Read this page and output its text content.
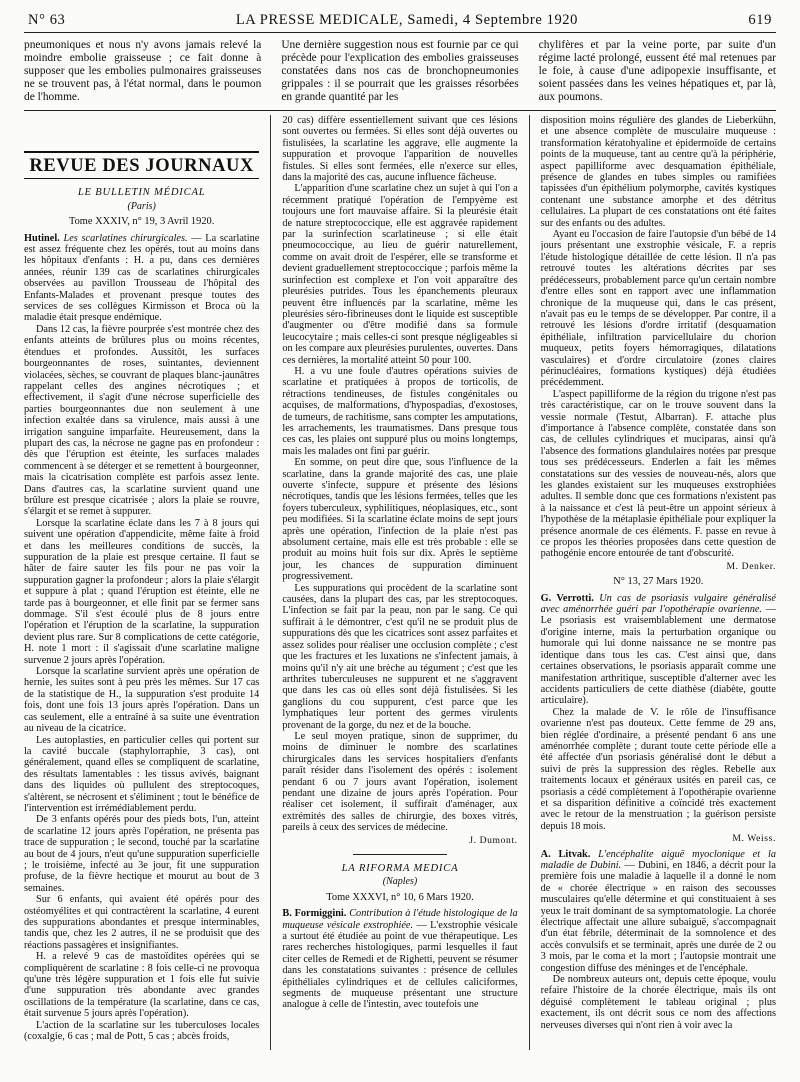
N° 63	LA PRESSE MEDICALE, Samedi, 4 Septembre 1920	619

pneumoniques et nous n'y avons jamais relevé la moindre embolie graisseuse ; ce fait donne à supposer que les embolies pulmonaires graisseuses ne se trouvent pas, à l'état normal, dans le poumon de l'homme.

Une dernière suggestion nous est fournie par ce qui précède pour l'explication des embolies graisseuses constatées dans nos cas de bronchopneumonies grippales : il se pourrait que les graisses résorbées en grande quantité par les

chylifères et par la veine porte, par suite d'un régime lacté prolongé, eussent été mal retenues par le foie, à cause d'une adipopexie insuffisante, et soient passées dans les veines hépatiques et, par là, aux poumons.

REVUE DES JOURNAUX
LE BULLETIN MÉDICAL
(Paris)
Tome XXXIV, n° 19, 3 Avril 1920.

Hutinel. Les scarlatines chirurgicales. — La scarlatine est assez fréquente chez les opérés, tout au moins dans les hôpitaux d'enfants : H. a pu, dans ces dernières années, réunir 139 cas de scarlatines chirurgicales observées au pavillon Trousseau de l'hôpital des Enfants-Malades et provenant presque toutes des services de ses collègues Kirmisson et Broca où la maladie était presque endémique.

Dans 12 cas, la fièvre pourprée s'est montrée chez des enfants atteints de brûlures plus ou moins récentes, étendues et profondes. Aussitôt, les surfaces bourgeonnantes de roses, suintantes, deviennent violacées, sèches, se couvrant de plaques blanc-jaunâtres rappelant celles des angines nécrotiques ; et effectivement, il s'agit d'une nécrose superficielle des parties bourgeonnantes due non seulement à une infection exaltée dans sa virulence, mais aussi à une irrigation sanguine imparfaite. Heureusement, dans la plupart des cas, la nécrose ne gagne pas en profondeur : dès que l'éruption est éteinte, les surfaces malades commencent à se déterger et se remettent à bourgeonner, mais la cicatrisation complète est parfois assez lente. Dans d'autres cas, la scarlatine survient quand une brûlure est presque cicatrisée ; alors la plaie se rouvre, s'élargit et se remet à suppurer.

Lorsque la scarlatine éclate dans les 7 à 8 jours qui suivent une opération d'appendicite, même faite à froid et dans les meilleures conditions de succès, la suppuration de la plaie est presque certaine. Il faut se hâter de faire sauter les fils pour ne pas voir la suppuration gagner la profondeur ; alors la plaie s'élargit et suppure à plat ; quand l'éruption est éteinte, elle ne tarde pas à bourgeonner, et elle finit par se fermer sans dommage. S'il s'est écoulé plus de 8 jours entre l'opération et l'éruption de la scarlatine, la suppuration devient plus rare. Sur 8 complications de cette catégorie, H. note 1 mort : il s'agissait d'une scarlatine maligne survenue 2 jours après l'opération.

Lorsque la scarlatine survient après une opération de hernie, les suites sont à peu près les mêmes. Sur 17 cas de la statistique de H., la suppuration s'est produite 14 fois, dont une fois 13 jours après l'opération. Dans un cas seulement, elle a entraîné à sa suite une éventration au niveau de la cicatrice.

Les autoplasties, en particulier celles qui portent sur la cavité buccale (staphylorraphie, 3 cas), ont généralement, quand elles se compliquent de scarlatine, des résultats lamentables : les tissus avivés, baignant dans des liquides où pullulent des streptocoques, s'altèrent, se nécrosent et s'éliminent ; tout le bénéfice de l'intervention est irrémédiablement perdu.

De 3 enfants opérés pour des pieds bots, l'un, atteint de scarlatine 12 jours après l'opération, ne présenta pas trace de suppuration ; le second, touché par la scarlatine au bout de 4 jours, n'eut qu'une suppuration superficielle ; le troisième, infecté au 3e jour, fit une suppuration profuse, de la fièvre hectique et mourut au bout de 3 semaines.

Sur 6 enfants, qui avaient été opérés pour des ostéomyélites et qui contractèrent la scarlatine, 4 eurent des suppurations abondantes et presque interminables, tandis que, chez les 2 autres, il ne se produisit que des réactions passagères et insignifiantes.

H. a relevé 9 cas de mastoïdites opérées qui se compliquèrent de scarlatine : 8 fois celle-ci ne provoqua qu'une très légère suppuration et 1 fois elle fut suivie d'une suppuration très abondante avec grandes oscillations de la température (la scarlatine, dans ce cas, était survenue 5 jours après l'opération).

L'action de la scarlatine sur les tuberculoses locales (coxalgie, 6 cas ; mal de Pott, 5 cas ; abcès froids,

20 cas) diffère essentiellement suivant que ces lésions sont ouvertes ou fermées. Si elles sont déjà ouvertes ou fistulisées, la scarlatine les aggrave, elle augmente la suppuration et provoque l'apparition de nouvelles fistules. Si elles sont fermées, elle n'exerce sur elles, dans la majorité des cas, aucune influence fâcheuse.

L'apparition d'une scarlatine chez un sujet à qui l'on a récemment pratiqué l'opération de l'empyème est toujours une fort mauvaise affaire. Si la pleurésie était de nature streptococcique, elle est aggravée rapidement par la surinfection scarlatineuse ; si elle était pneumococcique, au lieu de guérir naturellement, comme on avait droit de l'espérer, elle se transforme et devient graduellement streptococcique ; parfois même la surinfection est complexe et l'on voit apparaître des pleurésies putrides. Tous les épanchements pleuraux peuvent être influencés par la scarlatine, même les pleurésies séro-fibrineuses dont le liquide est susceptible d'augmenter ou d'être modifié dans sa formule leucocytaire ; mais celles-ci sont presque négligeables si on les compare aux pleurésies purulentes, ouvertes. Dans ces dernières, la mortalité atteint 50 pour 100.

H. a vu une foule d'autres opérations suivies de scarlatine et pratiquées à propos de torticolis, de rétractions tendineuses, de fistules congénitales ou acquises, de malformations, d'hypospadias, d'exostoses, de tumeurs, de rachitisme, sans compter les amputations, les arrachements, les traumatismes. Dans presque tous ces cas, les plaies ont suppuré plus ou moins longtemps, mais les malades ont fini par guérir.

En somme, on peut dire que, sous l'influence de la scarlatine, dans la grande majorité des cas, une plaie ouverte s'infecte, suppure et présente des lésions nécrotiques, tandis que les lésions fermées, telles que les foyers tuberculeux, syphilitiques, néoplasiques, etc., sont peu modifiées. Si la scarlatine éclate moins de sept jours après une opération, l'infection de la plaie n'est pas absolument certaine, mais elle est très probable : elle se produit au moins huit fois sur dix. Après le septième jour, les chances de suppuration diminuent progressivement.

Les suppurations qui procèdent de la scarlatine sont causées, dans la plupart des cas, par les streptocoques. L'infection se fait par la peau, non par le sang. Ce qui suffirait à le démontrer, c'est qu'il ne se produit plus de suppurations dès que les cicatrices sont assez parfaites et assez solides pour réaliser une occlusion complète ; c'est que les fractures et les luxations ne s'infectent jamais, à moins qu'il n'y ait une brèche au tégument ; c'est que les arthrites tuberculeuses ne suppurent et ne s'aggravent que dans les cas où elles sont déjà fistulisées. Si les ganglions du cou suppurent, c'est parce que les lymphatiques leur portent des germes virulents provenant de la gorge, du nez et de la bouche.

Le seul moyen pratique, sinon de supprimer, du moins de diminuer le nombre des scarlatines chirurgicales dans les services hospitaliers d'enfants paraît résider dans l'isolement des opérés : isolement pendant 6 ou 7 jours avant l'opération, isolement pendant une dizaine de jours après l'opération. Pour réaliser cet isolement, il suffirait d'aménager, aux extrémités des salles de chirurgie, des boxes vitrés, pareils à ceux des services de médecine.

J. Dumont.
LA RIFORMA MEDICA
(Naples)
Tome XXXVI, n° 10, 6 Mars 1920.

B. Formiggini. Contribution à l'étude histologique de la muqueuse vésicale exstrophiée. — L'exstrophie vésicale a surtout été étudiée au point de vue thérapeutique. Les rares recherches histologiques, parmi lesquelles il faut citer celles de Remedi et de Righetti, peuvent se résumer dans les constatations suivantes : présence de cellules épithéliales cylindriques et de cellules caliciformes, segments de muqueuse présentant une structure analogue à celle de l'intestin, avec toutefois une

disposition moins régulière des glandes de Lieberkühn, et une absence complète de musculaire muqueuse : transformation kératohyaline et épidermoïde de certains points de la muqueuse, tant au centre qu'à la périphérie, aspect papilliforme avec desquamation épithéliale, présence de glandes en tubes simples ou ramifiées tapissées d'un épithélium polymorphe, cavités kystiques contenant une substance amorphe et des détritus cellulaires. La plupart de ces constatations ont été faites sur des enfants ou des adultes.

Ayant eu l'occasion de faire l'autopsie d'un bébé de 14 jours présentant une exstrophie vésicale, F. a repris l'étude histologique détaillée de cette lésion. Il n'a pas retrouvé toutes les altérations décrites par ses prédécesseurs, probablement parce qu'un certain nombre d'entre elles sont en rapport avec une inflammation chronique de la muqueuse qui, dans le cas présent, n'avait pas eu le temps de se développer. Par contre, il a retrouvé les lésions d'ordre irritatif (desquamation épithéliale, infiltration parvicellulaire du chorion muqueux, petits foyers hémorragiques, dilatations vasculaires) et d'ordre circulatoire (zones claires périnucléaires, formations kystiques) déjà étudiées précédemment.

L'aspect papilliforme de la région du trigone n'est pas très caractéristique, car on le trouve souvent dans la vessie normale (Testut, Albarran). F. attache plus d'importance à l'absence complète, constatée dans son cas, de cellules cylindriques et muciparas, ainsi qu'à l'absence des formations glandulaires notées par presque tous ses prédécesseurs. Enderlen a fait les mêmes constatations sur des vessies de nouveau-nés, alors que les glandes existaient sur les muqueuses exstrophiées adultes. Il semble donc que ces formations n'existent pas à la naissance et c'est là peut-être un appoint sérieux à l'hypothèse de la métaplasie épithéliale pour expliquer la présence anormale de ces éléments. F. passe en revue à ce propos les théories proposées dans cette question de pathogénie encore entourée de tant d'obscurité.

M. Denker.
N° 13, 27 Mars 1920.

G. Verrotti. Un cas de psoriasis vulgaire généralisé avec aménorrhée guéri par l'opothérapie ovarienne. — Le psoriasis est vraisemblablement une dermatose d'origine interne, mais la perturbation organique ou humorale qui lui donne naissance ne se montre pas identique dans tous les cas. C'est ainsi que, dans certaines observations, le psoriasis apparaît comme une manifestation arthritique, susceptible d'alterner avec les accidents particuliers de cette diathèse (diabète, goutte articulaire).

Chez la malade de V. le rôle de l'insuffisance ovarienne n'est pas douteux. Cette femme de 29 ans, bien réglée d'ordinaire, a présenté pendant 6 ans une aménorrhée complète ; durant toute cette période elle a été affectée d'un psoriasis généralisé dont le début a suivi de près la suppression des règles. Rebelle aux traitements locaux et généraux usités en pareil cas, ce psoriasis a cédé complètement à l'opothérapie ovarienne et sa disparition définitive a coïncidé très exactement avec le retour de la menstruation ; la guérison persiste depuis 18 mois.

M. Weiss.

A. Litvak. L'encéphalite aiguë myoclonique et la maladie de Dubini. — Dubini, en 1846, a décrit pour la première fois une maladie à laquelle il a donné le nom de « chorée électrique » en raison des secousses musculaires qu'elle détermine et qui constituaient à ses yeux le trait dominant de sa symptomatologie. La chorée électrique affectait une allure subaiguë, s'accompagnait d'un état fébrile, déterminait de la somnolence et des accès convulsifs et se terminait, après une durée de 2 ou 3 mois, par le coma et la mort ; l'autopsie montrait une congestion diffuse des méninges et de l'encéphale.

De nombreux auteurs ont, depuis cette époque, voulu refaire l'histoire de la chorée électrique, mais ils ont déguisé complètement le tableau original ; plus exactement, ils ont décrit sous ce nom des affections nerveuses diverses qui n'ont rien à voir avec la
